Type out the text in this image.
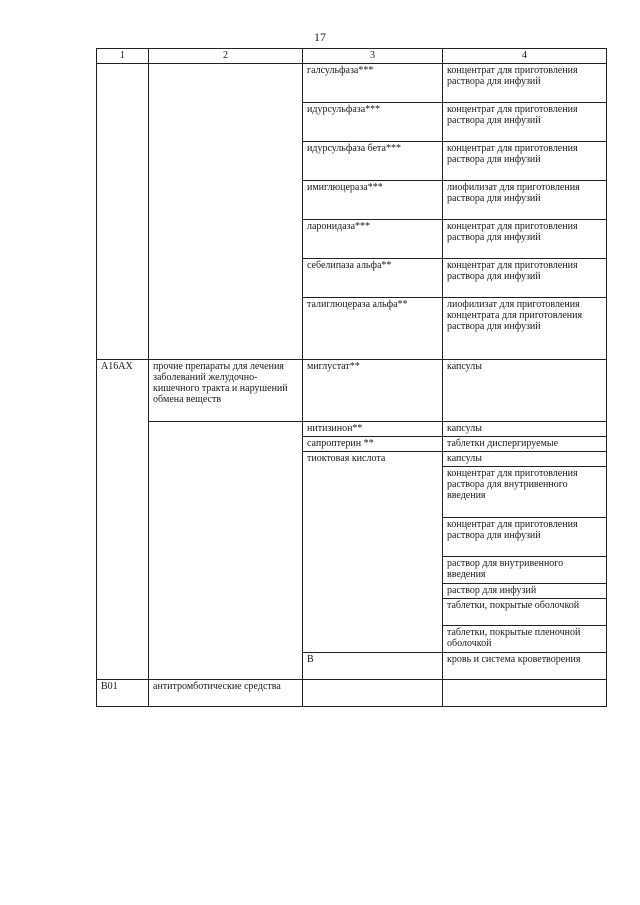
17
1	2	3	4	
		галсульфаза***	концентрат для приготовления раствора для инфузий	
		идурсульфаза***	концентрат для приготовления раствора для инфузий	
		идурсульфаза бета***	концентрат для приготовления раствора для инфузий	
		имиглюцераза***	лиофилизат для приготовления раствора для инфузий	
		ларонидаза***	концентрат для приготовления раствора для инфузий	
		себелипаза альфа**	концентрат для приготовления раствора для инфузий	
		талиглюцераза альфа**	лиофилизат для приготовления концентрата для приготовления раствора для инфузий	
A16AX	прочие препараты для лечения заболеваний желудочно-кишечного тракта и нарушений обмена веществ	миглустат**	капсулы	
		нитизинон**	капсулы	
		сапроптерин **	таблетки диспергируемые	
		тиоктовая кислота	капсулы	
			концентрат для приготовления раствора для внутривенного введения	
			концентрат для приготовления раствора для инфузий	
			раствор для внутривенного введения	
			раствор для инфузий	
			таблетки, покрытые оболочкой	
			таблетки, покрытые пленочной оболочкой	
		B	кровь и система кроветворения		
B01	антитромботические средства			
